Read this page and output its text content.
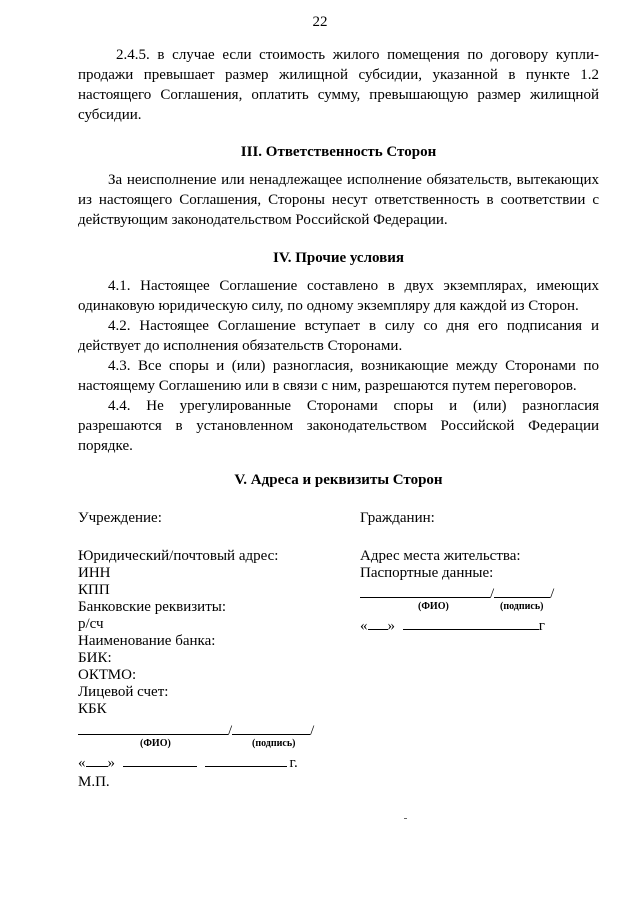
22

2.4.5. в случае если стоимость жилого помещения по договору купли-продажи превышает размер жилищной субсидии, указанной в пункте 1.2 настоящего Соглашения, оплатить сумму, превышающую размер жилищной субсидии.

III. Ответственность Сторон

За неисполнение или ненадлежащее исполнение обязательств, вытекающих из настоящего Соглашения, Стороны несут ответственность в соответствии с действующим законодательством Российской Федерации.

IV. Прочие условия

4.1. Настоящее Соглашение составлено в двух экземплярах, имеющих одинаковую юридическую силу, по одному экземпляру для каждой из Сторон.

4.2. Настоящее Соглашение вступает в силу со дня его подписания и действует до исполнения обязательств Сторонами.

4.3. Все споры и (или) разногласия, возникающие между Сторонами по настоящему Соглашению или в связи с ним, разрешаются путем переговоров.

4.4. Не урегулированные Сторонами споры и (или) разногласия разрешаются в установленном законодательством Российской Федерации порядке.

V. Адреса и реквизиты Сторон
Учреждение:
Юридический/почтовый адрес:
ИНН
КПП
Банковские реквизиты:
р/сч
Наименование банка:
БИК:
ОКТМО:
Лицевой счет:
КБК
/	/
(ФИО)	(подпись)
« »	г.
М.П.
Гражданин:
Адрес места жительства:
Паспортные данные:
/	/
(ФИО)	(подпись)
« »	г
